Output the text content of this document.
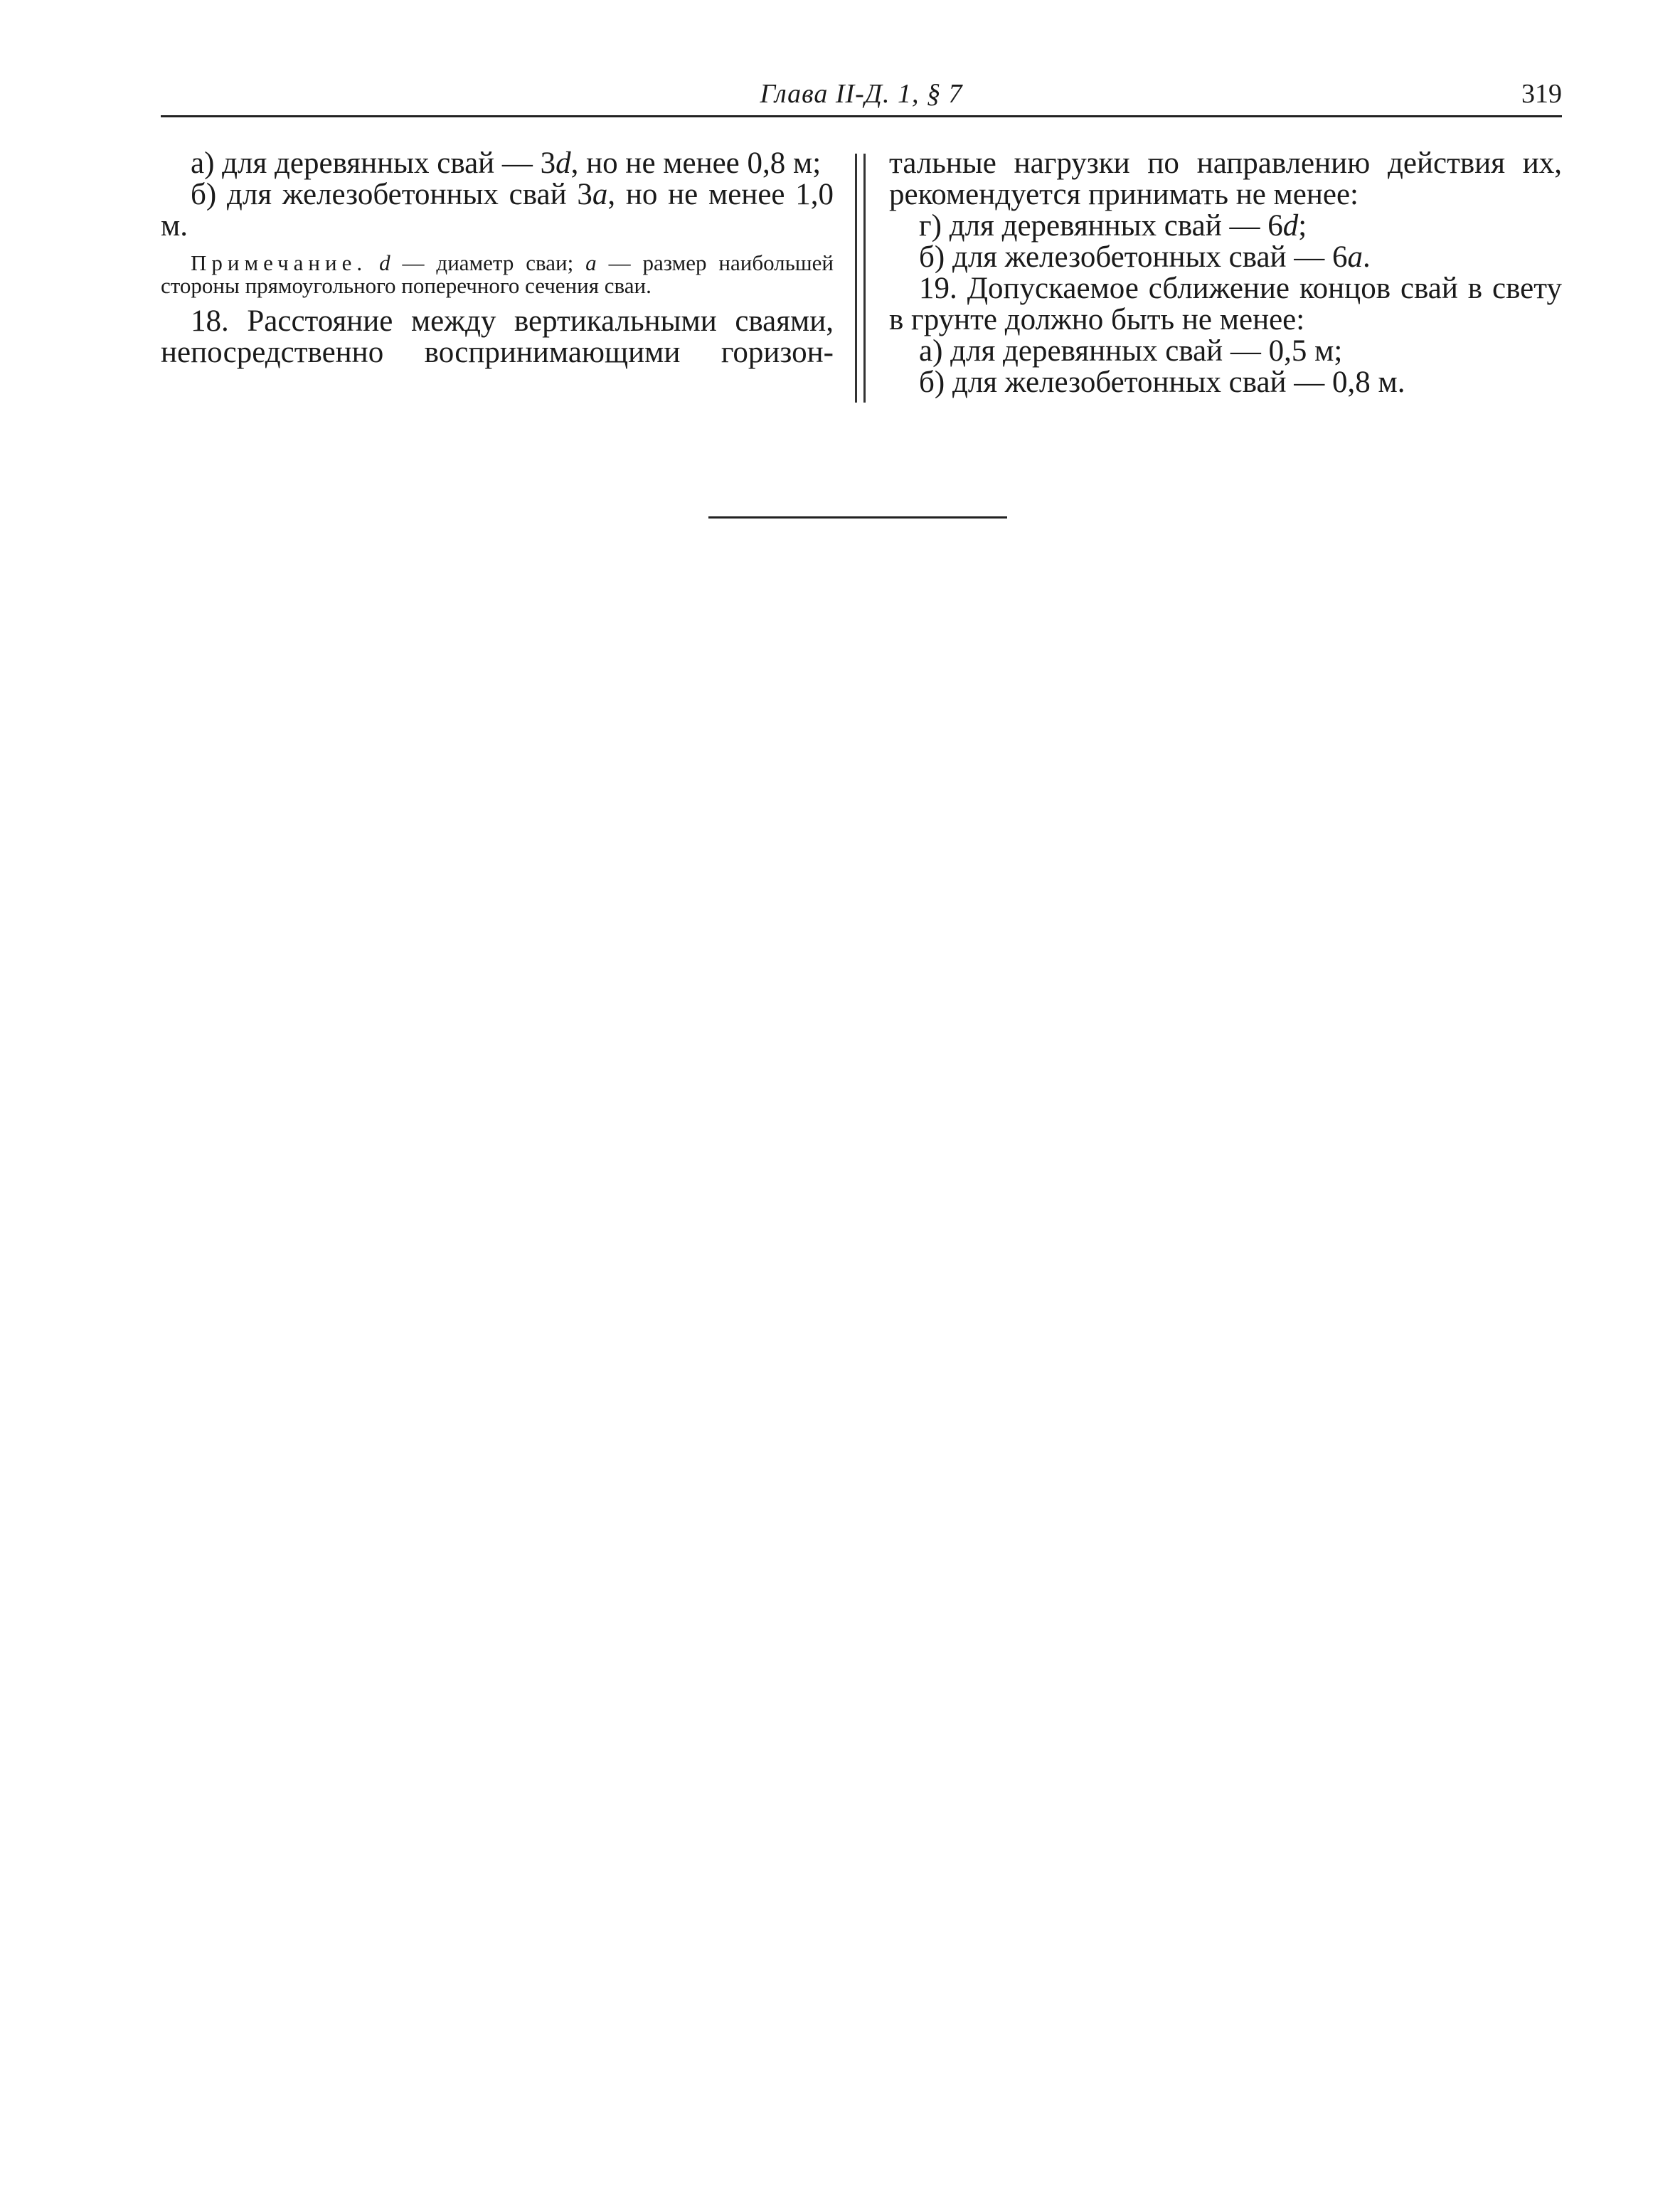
Глава II-Д. 1, § 7	319

а) для деревянных свай — 3d, но не менее 0,8 м;

б) для железобетонных свай 3a, но не менее 1,0 м.

Примечание. d — диаметр сваи; a — размер наибольшей стороны прямоугольного поперечного сечения сваи.

18. Расстояние между вертикальными сваями, непосредственно воспринимающими горизон-

тальные нагрузки по направлению действия их, рекомендуется принимать не менее:

г) для деревянных свай — 6d;

б) для железобетонных свай — 6a.

19. Допускаемое сближение концов свай в свету в грунте должно быть не менее:

а) для деревянных свай — 0,5 м;

б) для железобетонных свай — 0,8 м.
